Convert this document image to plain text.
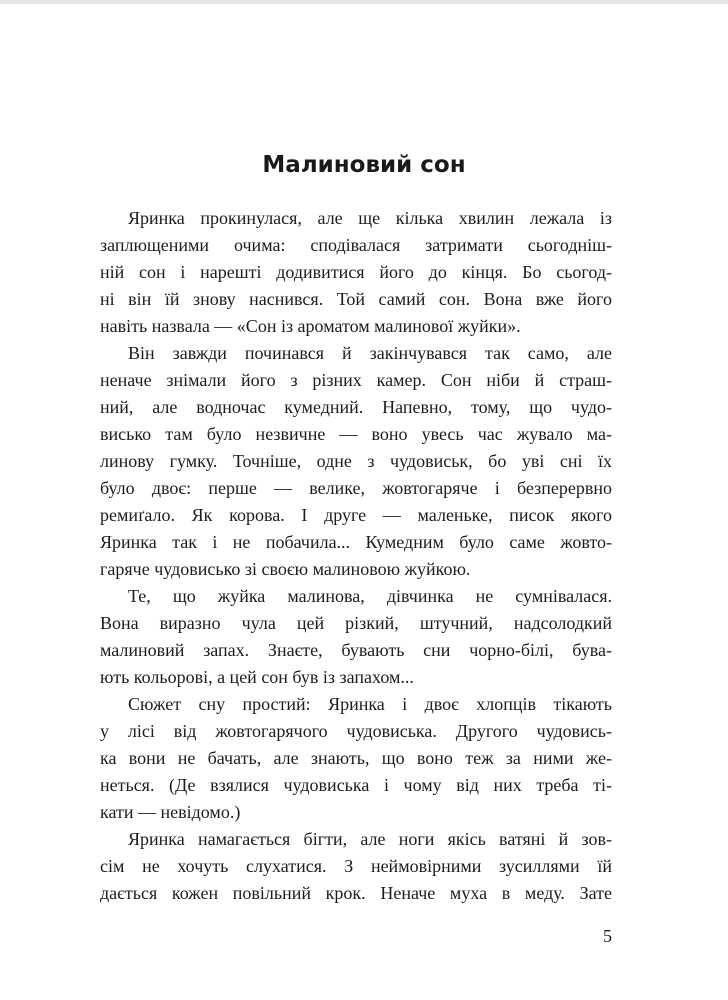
Малиновий сон
Яринка прокинулася, але ще кілька хвилин лежала із
заплющеними очима: сподівалася затримати сьогодніш-
ній сон і нарешті додивитися його до кінця. Бо сьогод-
ні він їй знову наснився. Той самий сон. Вона вже його
навіть назвала — «Сон із ароматом малинової жуйки».
Він завжди починався й закінчувався так само, але
неначе знімали його з різних камер. Сон ніби й страш-
ний, але водночас кумедний. Напевно, тому, що чудо-
висько там було незвичне — воно увесь час жувало ма-
линову гумку. Точніше, одне з чудовиськ, бо уві сні їх
було двоє: перше — велике, жовтогаряче і безперервно
ремиґало. Як корова. І друге — маленьке, писок якого
Яринка так і не побачила... Кумедним було саме жовто-
гаряче чудовисько зі своєю малиновою жуйкою.
Те, що жуйка малинова, дівчинка не сумнівалася.
Вона виразно чула цей різкий, штучний, надсолодкий
малиновий запах. Знаєте, бувають сни чорно-білі, бува-
ють кольорові, а цей сон був із запахом...
Сюжет сну простий: Яринка і двоє хлопців тікають
у лісі від жовтогарячого чудовиська. Другого чудовись-
ка вони не бачать, але знають, що воно теж за ними же-
неться. (Де взялися чудовиська і чому від них треба ті-
кати — невідомо.)
Яринка намагається бігти, але ноги якісь ватяні й зов-
сім не хочуть слухатися. З неймовірними зусиллями їй
дається кожен повільний крок. Неначе муха в меду. Зате
5
